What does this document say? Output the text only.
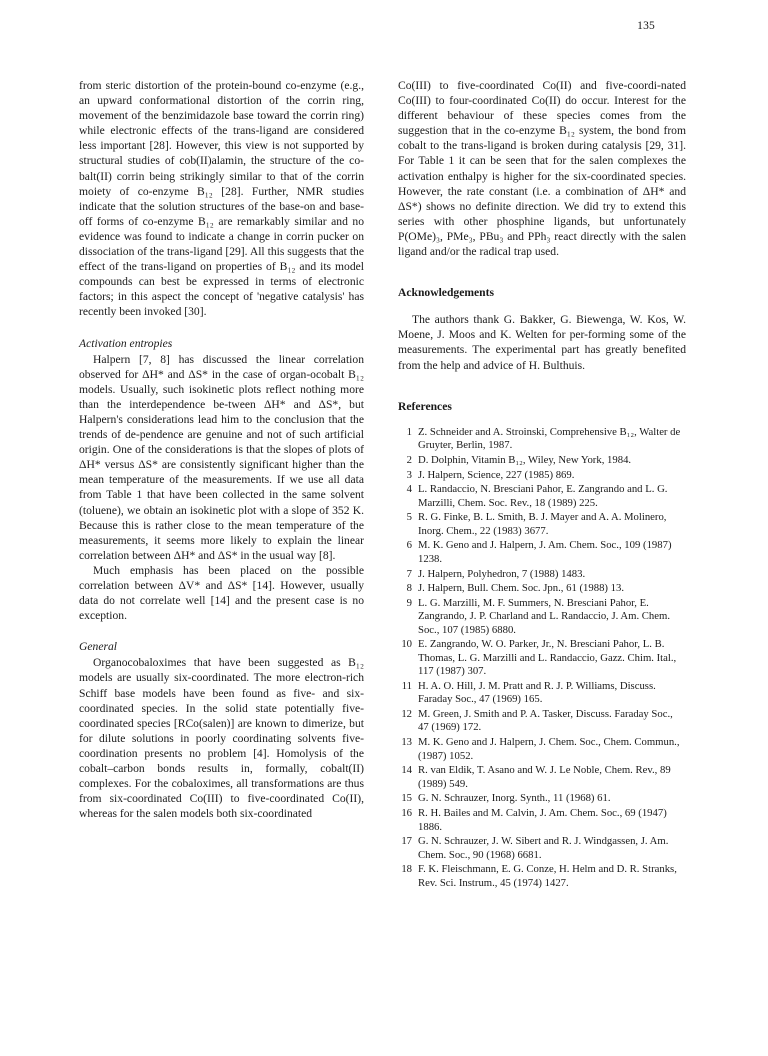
135

from steric distortion of the protein-bound co-enzyme (e.g., an upward conformational distortion of the corrin ring, movement of the benzimidazole base toward the corrin ring) while electronic effects of the trans-ligand are considered less important [28]. However, this view is not supported by structural studies of cob(II)alamin, the structure of the co-balt(II) corrin being strikingly similar to that of the corrin moiety of co-enzyme B₁₂ [28]. Further, NMR studies indicate that the solution structures of the base-on and base-off forms of co-enzyme B₁₂ are remarkably similar and no evidence was found to indicate a change in corrin pucker on dissociation of the trans-ligand [29]. All this suggests that the effect of the trans-ligand on properties of B₁₂ and its model compounds can best be expressed in terms of electronic factors; in this aspect the concept of 'negative catalysis' has recently been invoked [30].

Activation entropies

Halpern [7, 8] has discussed the linear correlation observed for ΔH* and ΔS* in the case of organ-ocobalt B₁₂ models. Usually, such isokinetic plots reflect nothing more than the interdependence be-tween ΔH* and ΔS*, but Halpern's considerations lead him to the conclusion that the trends of de-pendence are genuine and not of such artificial origin. One of the considerations is that the slopes of plots of ΔH* versus ΔS* are consistently significant higher than the mean temperature of the measurements. If we use all data from Table 1 that have been collected in the same solvent (toluene), we obtain an isokinetic plot with a slope of 352 K. Because this is rather close to the mean temperature of the measurements, it seems more likely to explain the linear correlation between ΔH* and ΔS* in the usual way [8].

Much emphasis has been placed on the possible correlation between ΔV* and ΔS* [14]. However, usually data do not correlate well [14] and the present case is no exception.

General

Organocobaloximes that have been suggested as B₁₂ models are usually six-coordinated. The more electron-rich Schiff base models have been found as five- and six-coordinated species. In the solid state potentially five-coordinated species [RCo(salen)] are known to dimerize, but for dilute solutions in poorly coordinating solvents five-coordination presents no problem [4]. Homolysis of the cobalt–carbon bonds results in, formally, cobalt(II) complexes. For the cobaloximes, all transformations are thus from six-coordinated Co(III) to five-coordinated Co(II), whereas for the salen models both six-coordinated

Co(III) to five-coordinated Co(II) and five-coordi-nated Co(III) to four-coordinated Co(II) do occur. Interest for the different behaviour of these species comes from the suggestion that in the co-enzyme B₁₂ system, the bond from cobalt to the trans-ligand is broken during catalysis [29, 31]. For Table 1 it can be seen that for the salen complexes the activation enthalpy is higher for the six-coordinated species. However, the rate constant (i.e. a combination of ΔH* and ΔS*) shows no definite direction. We did try to extend this series with other phosphine ligands, but unfortunately P(OMe)₃, PMe₃, PBu₃ and PPh₃ react directly with the salen ligand and/or the radical trap used.

Acknowledgements

The authors thank G. Bakker, G. Biewenga, W. Kos, W. Moene, J. Moos and K. Welten for per-forming some of the measurements. The experimental part has greatly benefited from the help and advice of H. Bulthuis.

References
1 Z. Schneider and A. Stroinski, Comprehensive B₁₂, Walter de Gruyter, Berlin, 1987.
2 D. Dolphin, Vitamin B₁₂, Wiley, New York, 1984.
3 J. Halpern, Science, 227 (1985) 869.
4 L. Randaccio, N. Bresciani Pahor, E. Zangrando and L. G. Marzilli, Chem. Soc. Rev., 18 (1989) 225.
5 R. G. Finke, B. L. Smith, B. J. Mayer and A. A. Molinero, Inorg. Chem., 22 (1983) 3677.
6 M. K. Geno and J. Halpern, J. Am. Chem. Soc., 109 (1987) 1238.
7 J. Halpern, Polyhedron, 7 (1988) 1483.
8 J. Halpern, Bull. Chem. Soc. Jpn., 61 (1988) 13.
9 L. G. Marzilli, M. F. Summers, N. Bresciani Pahor, E. Zangrando, J. P. Charland and L. Randaccio, J. Am. Chem. Soc., 107 (1985) 6880.
10 E. Zangrando, W. O. Parker, Jr., N. Bresciani Pahor, L. B. Thomas, L. G. Marzilli and L. Randaccio, Gazz. Chim. Ital., 117 (1987) 307.
11 H. A. O. Hill, J. M. Pratt and R. J. P. Williams, Discuss. Faraday Soc., 47 (1969) 165.
12 M. Green, J. Smith and P. A. Tasker, Discuss. Faraday Soc., 47 (1969) 172.
13 M. K. Geno and J. Halpern, J. Chem. Soc., Chem. Commun., (1987) 1052.
14 R. van Eldik, T. Asano and W. J. Le Noble, Chem. Rev., 89 (1989) 549.
15 G. N. Schrauzer, Inorg. Synth., 11 (1968) 61.
16 R. H. Bailes and M. Calvin, J. Am. Chem. Soc., 69 (1947) 1886.
17 G. N. Schrauzer, J. W. Sibert and R. J. Windgassen, J. Am. Chem. Soc., 90 (1968) 6681.
18 F. K. Fleischmann, E. G. Conze, H. Helm and D. R. Stranks, Rev. Sci. Instrum., 45 (1974) 1427.
